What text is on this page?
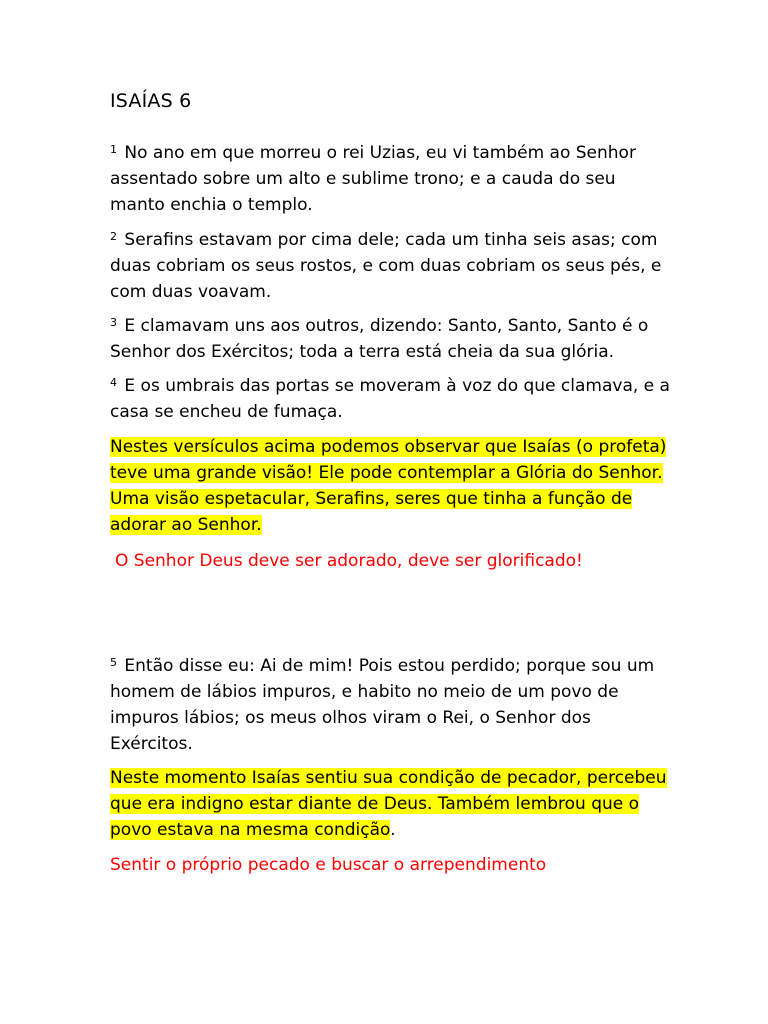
ISAÍAS 6
$^1$ No ano em que morreu o rei Uzias, eu vi também ao Senhor
assentado sobre um alto e sublime trono; e a cauda do seu
manto enchia o templo.
$^2$ Serafins estavam por cima dele; cada um tinha seis asas; com
duas cobriam os seus rostos, e com duas cobriam os seus pés, e
com duas voavam.
$^3$ E clamavam uns aos outros, dizendo: Santo, Santo, Santo é o
Senhor dos Exércitos; toda a terra está cheia da sua glória.
$^4$ E os umbrais das portas se moveram à voz do que clamava, e a
casa se encheu de fumaça.
Nestes versículos acima podemos observar que Isaías (o profeta)
teve uma grande visão! Ele pode contemplar a Glória do Senhor.
Uma visão espetacular, Serafins, seres que tinha a função de
adorar ao Senhor.
O Senhor Deus deve ser adorado, deve ser glorificado!
$^5$ Então disse eu: Ai de mim! Pois estou perdido; porque sou um
homem de lábios impuros, e habito no meio de um povo de
impuros lábios; os meus olhos viram o Rei, o Senhor dos
Exércitos.
Neste momento Isaías sentiu sua condição de pecador, percebeu
que era indigno estar diante de Deus. Também lembrou que o
povo estava na mesma condição.
Sentir o próprio pecado e buscar o arrependimento
